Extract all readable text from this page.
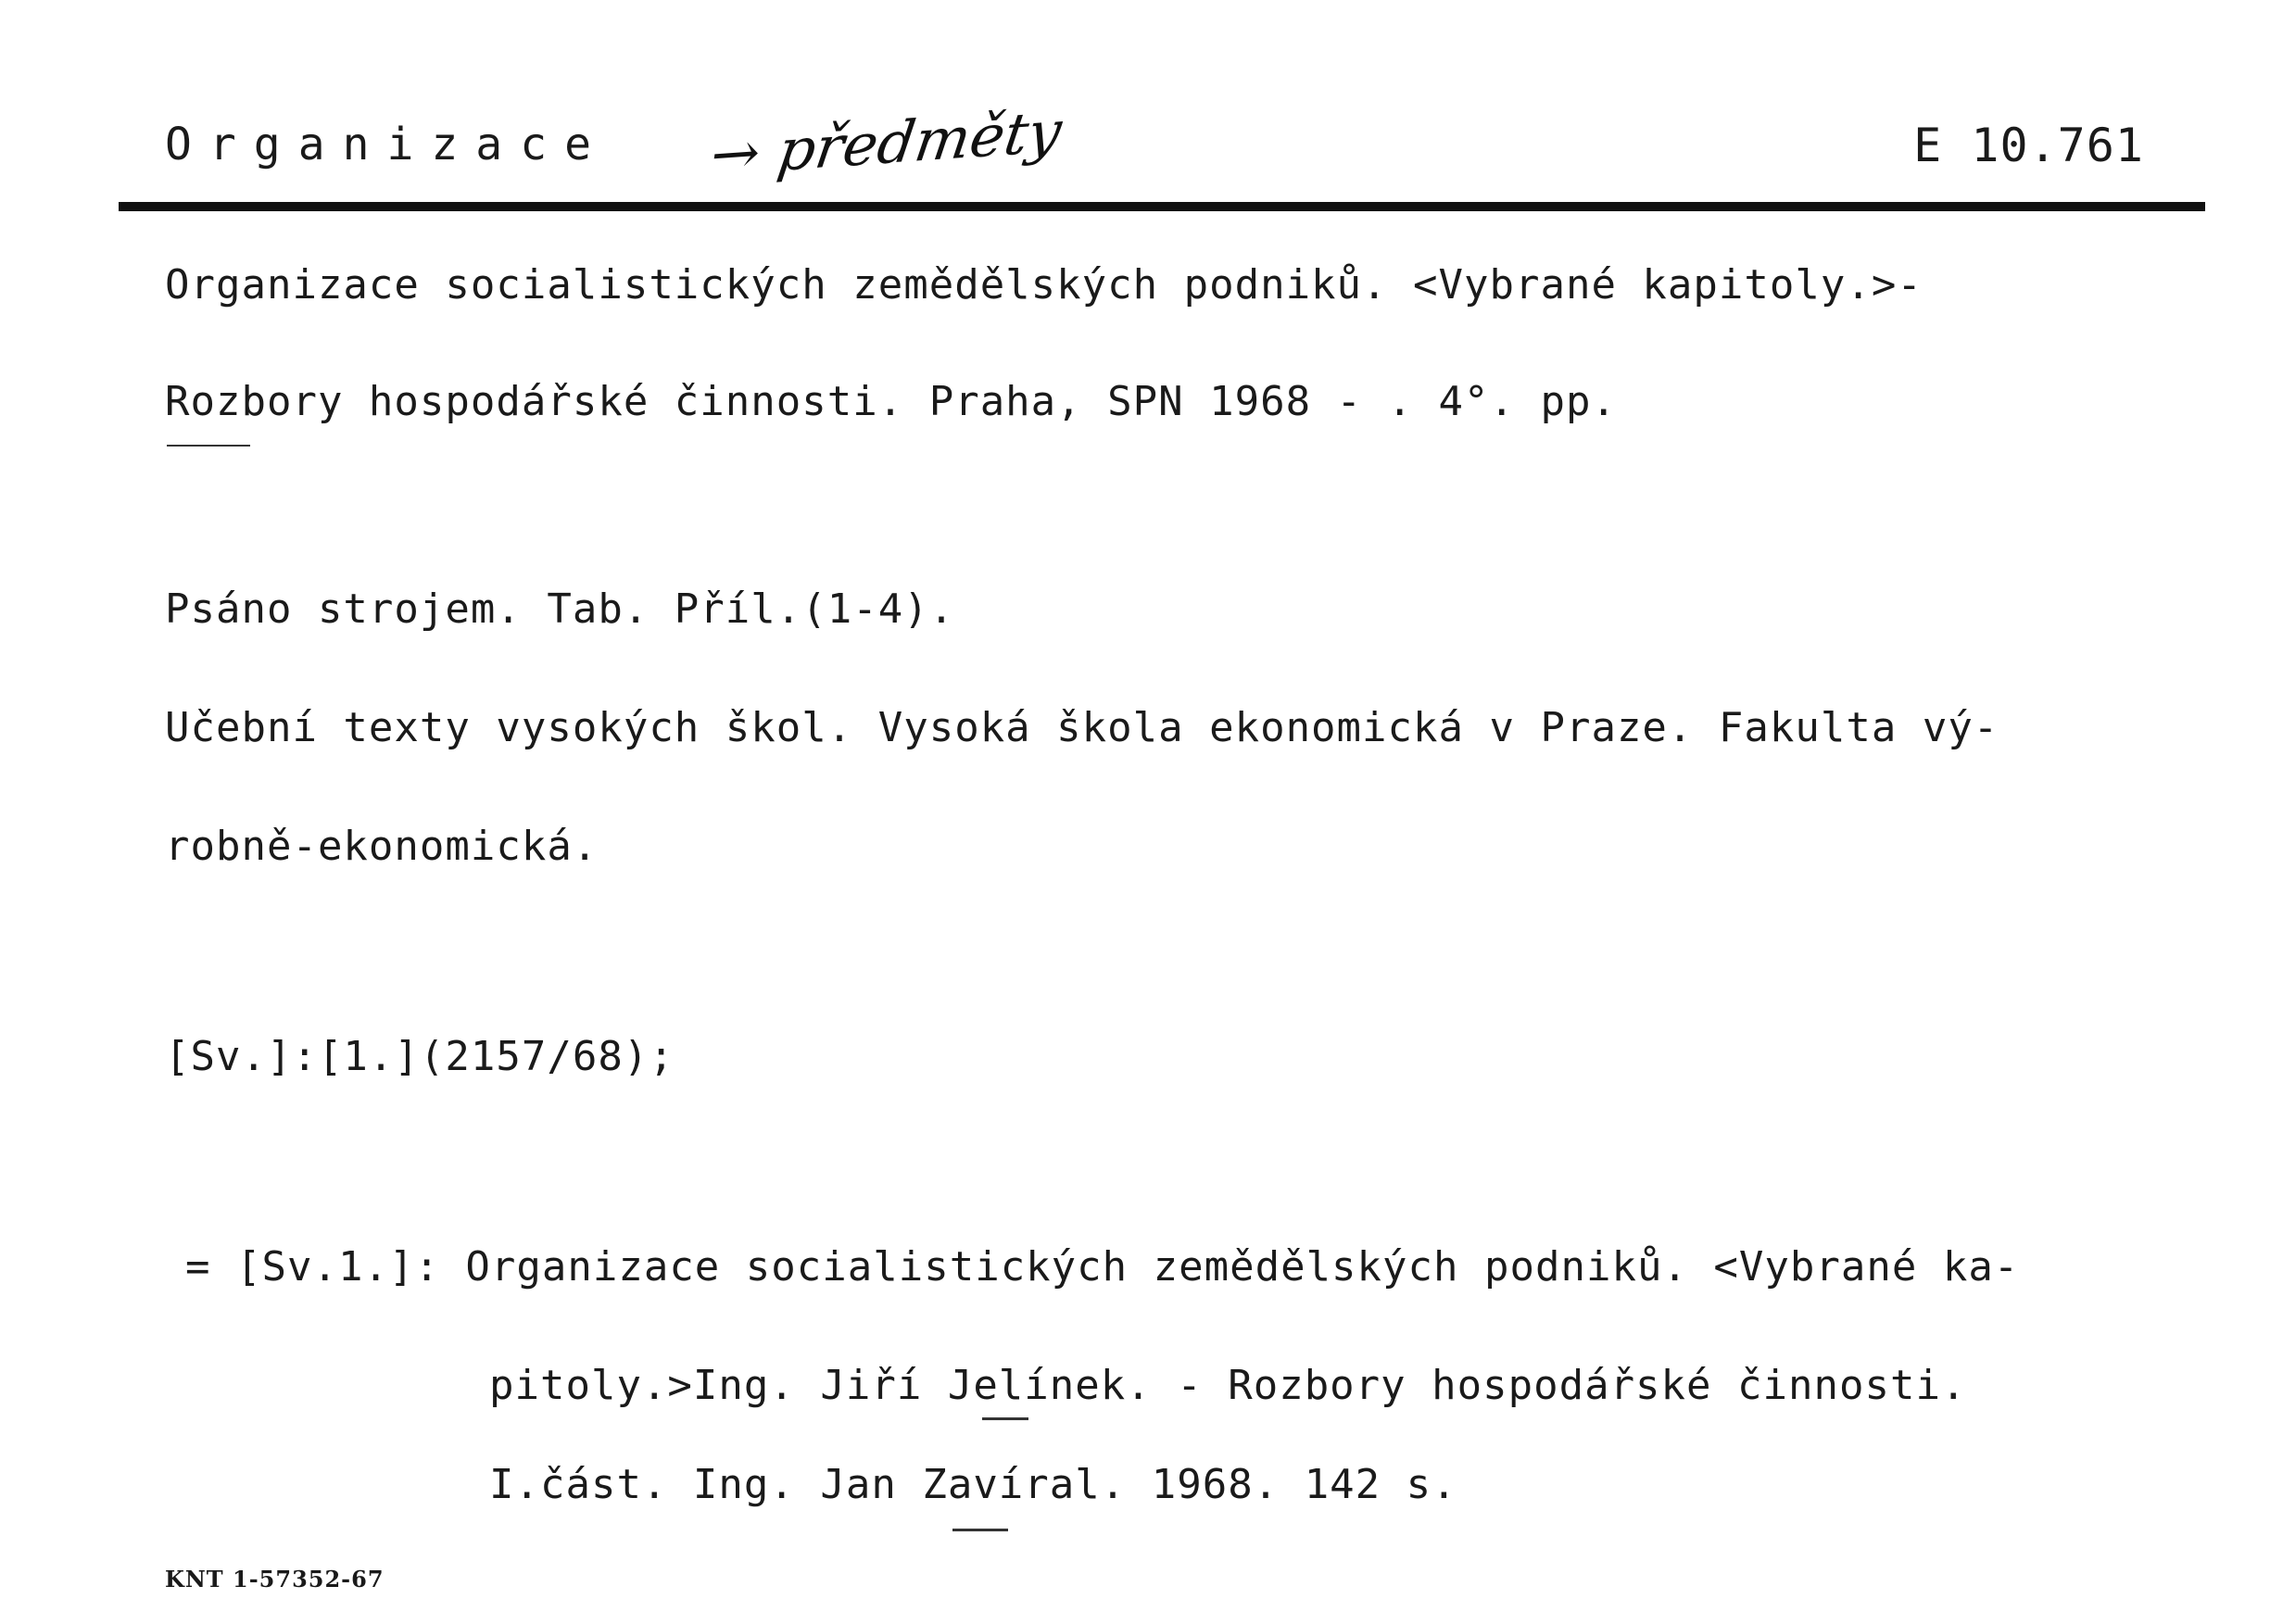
Organizace → předměty	E 10.761
Organizace socialistických zemědělských podniků. <Vybrané kapitoly.>-
Rozbory hospodářské činnosti. Praha, SPN 1968 - . 4°. pp.
Psáno strojem. Tab. Příl.(1-4).
Učební texty vysokých škol. Vysoká škola ekonomická v Praze. Fakulta vý-
robně-ekonomická.
[Sv.]:[1.](2157/68);
= [Sv.1.]: Organizace socialistických zemědělských podniků. <Vybrané ka-
pitoly.>Ing. Jiří Jelínek. - Rozbory hospodářské činnosti.
I.část. Ing. Jan Zavíral. 1968. 142 s.
KNT 1-57352-67
